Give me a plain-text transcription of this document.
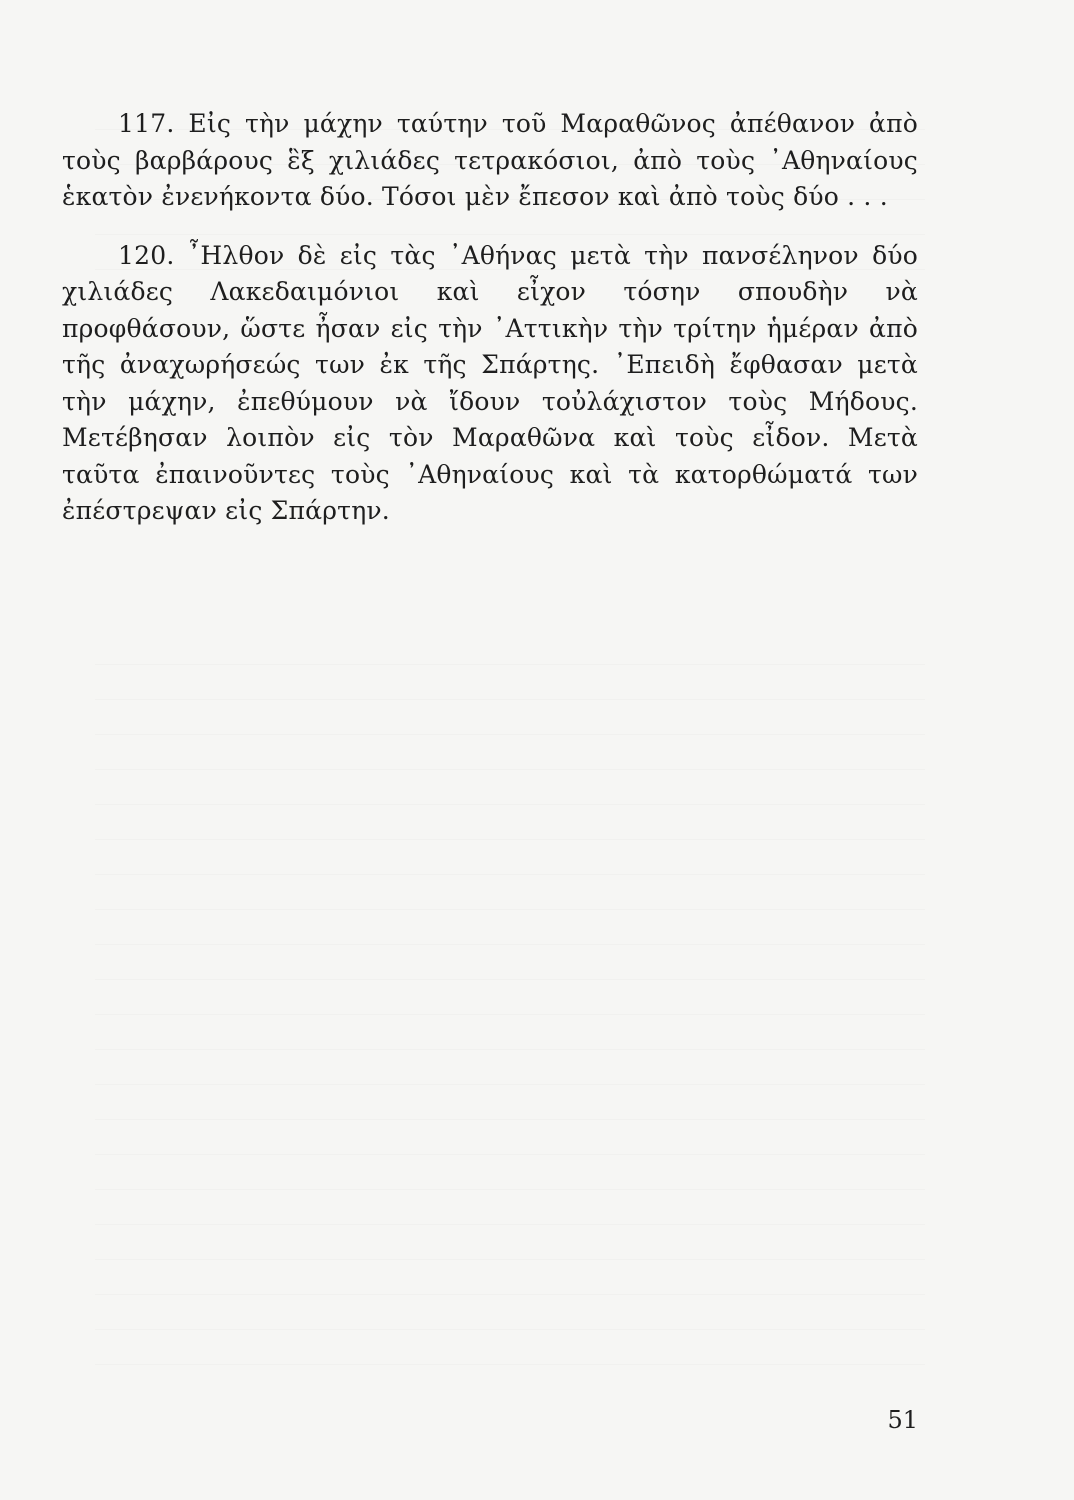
117. Εἰς τὴν μάχην ταύτην τοῦ Μαραθῶνος ἀπέθανον ἀπὸ τοὺς βαρβάρους ἓξ χιλιάδες τετρακόσιοι, ἀπὸ τοὺς ᾿Αθηναίους ἑκατὸν ἐνενήκοντα δύο. Τόσοι μὲν ἔπεσον καὶ ἀπὸ τοὺς δύο . . .

120. ῏Ηλθον δὲ εἰς τὰς ᾿Αθήνας μετὰ τὴν πανσέληνον δύο χιλιάδες Λακεδαιμόνιοι καὶ εἶχον τόσην σπουδὴν νὰ προφθάσουν, ὥστε ἦσαν εἰς τὴν ᾿Αττικὴν τὴν τρίτην ἡμέραν ἀπὸ τῆς ἀναχωρήσεώς των ἐκ τῆς Σπάρτης. ᾿Επειδὴ ἔφθασαν μετὰ τὴν μάχην, ἐπεθύμουν νὰ ἴδουν τοὐλάχιστον τοὺς Μήδους. Μετέβησαν λοιπὸν εἰς τὸν Μαραθῶνα καὶ τοὺς εἶδον. Μετὰ ταῦτα ἐπαινοῦντες τοὺς ᾿Αθηναίους καὶ τὰ κατορθώματά των ἐπέστρεψαν εἰς Σπάρτην.

51
